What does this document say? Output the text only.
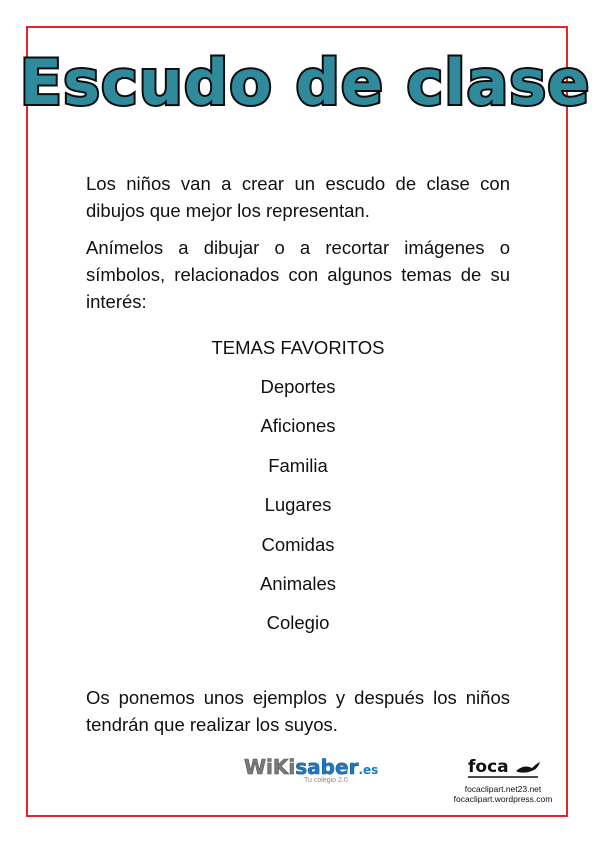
Escudo de clase

Los niños van a crear un escudo de clase con dibujos que mejor los representan.

Anímelos a dibujar o a recortar imágenes o símbolos, relacionados con algunos temas de su interés:

TEMAS FAVORITOS
Deportes
Aficiones
Familia
Lugares
Comidas
Animales
Colegio

Os ponemos unos ejemplos y después los niños tendrán que realizar los suyos.

WiKisaber.es
Tu colegio 2.0
foca
focaclipart.net23.net
focaclipart.wordpress.com
